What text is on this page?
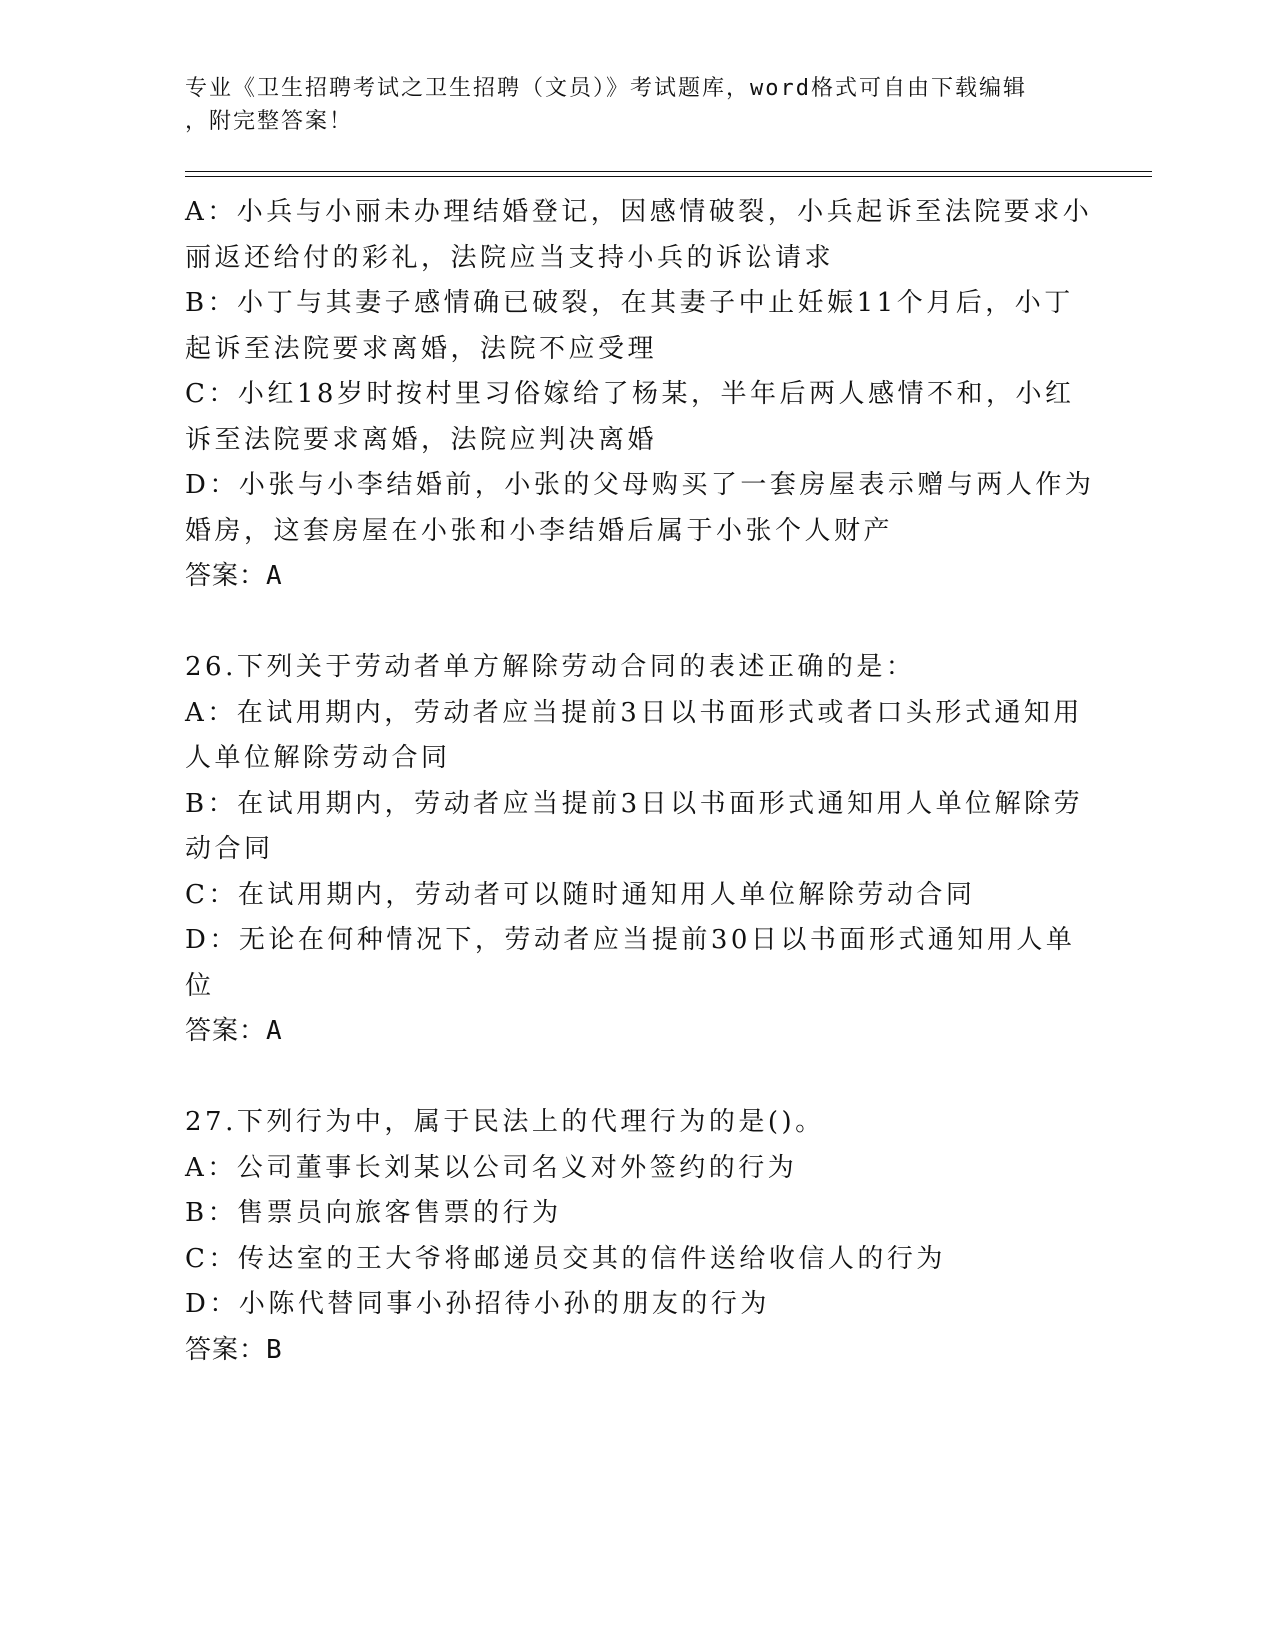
专业《卫生招聘考试之卫生招聘（文员）》考试题库，word格式可自由下载编辑
，附完整答案！
A：小兵与小丽未办理结婚登记，因感情破裂，小兵起诉至法院要求小
丽返还给付的彩礼，法院应当支持小兵的诉讼请求
B：小丁与其妻子感情确已破裂，在其妻子中止妊娠11个月后，小丁
起诉至法院要求离婚，法院不应受理
C：小红18岁时按村里习俗嫁给了杨某，半年后两人感情不和，小红
诉至法院要求离婚，法院应判决离婚
D：小张与小李结婚前，小张的父母购买了一套房屋表示赠与两人作为
婚房，这套房屋在小张和小李结婚后属于小张个人财产
答案：A
26.下列关于劳动者单方解除劳动合同的表述正确的是：
A：在试用期内，劳动者应当提前3日以书面形式或者口头形式通知用
人单位解除劳动合同
B：在试用期内，劳动者应当提前3日以书面形式通知用人单位解除劳
动合同
C：在试用期内，劳动者可以随时通知用人单位解除劳动合同
D：无论在何种情况下，劳动者应当提前30日以书面形式通知用人单
位
答案：A
27.下列行为中，属于民法上的代理行为的是()。
A：公司董事长刘某以公司名义对外签约的行为
B：售票员向旅客售票的行为
C：传达室的王大爷将邮递员交其的信件送给收信人的行为
D：小陈代替同事小孙招待小孙的朋友的行为
答案：B
